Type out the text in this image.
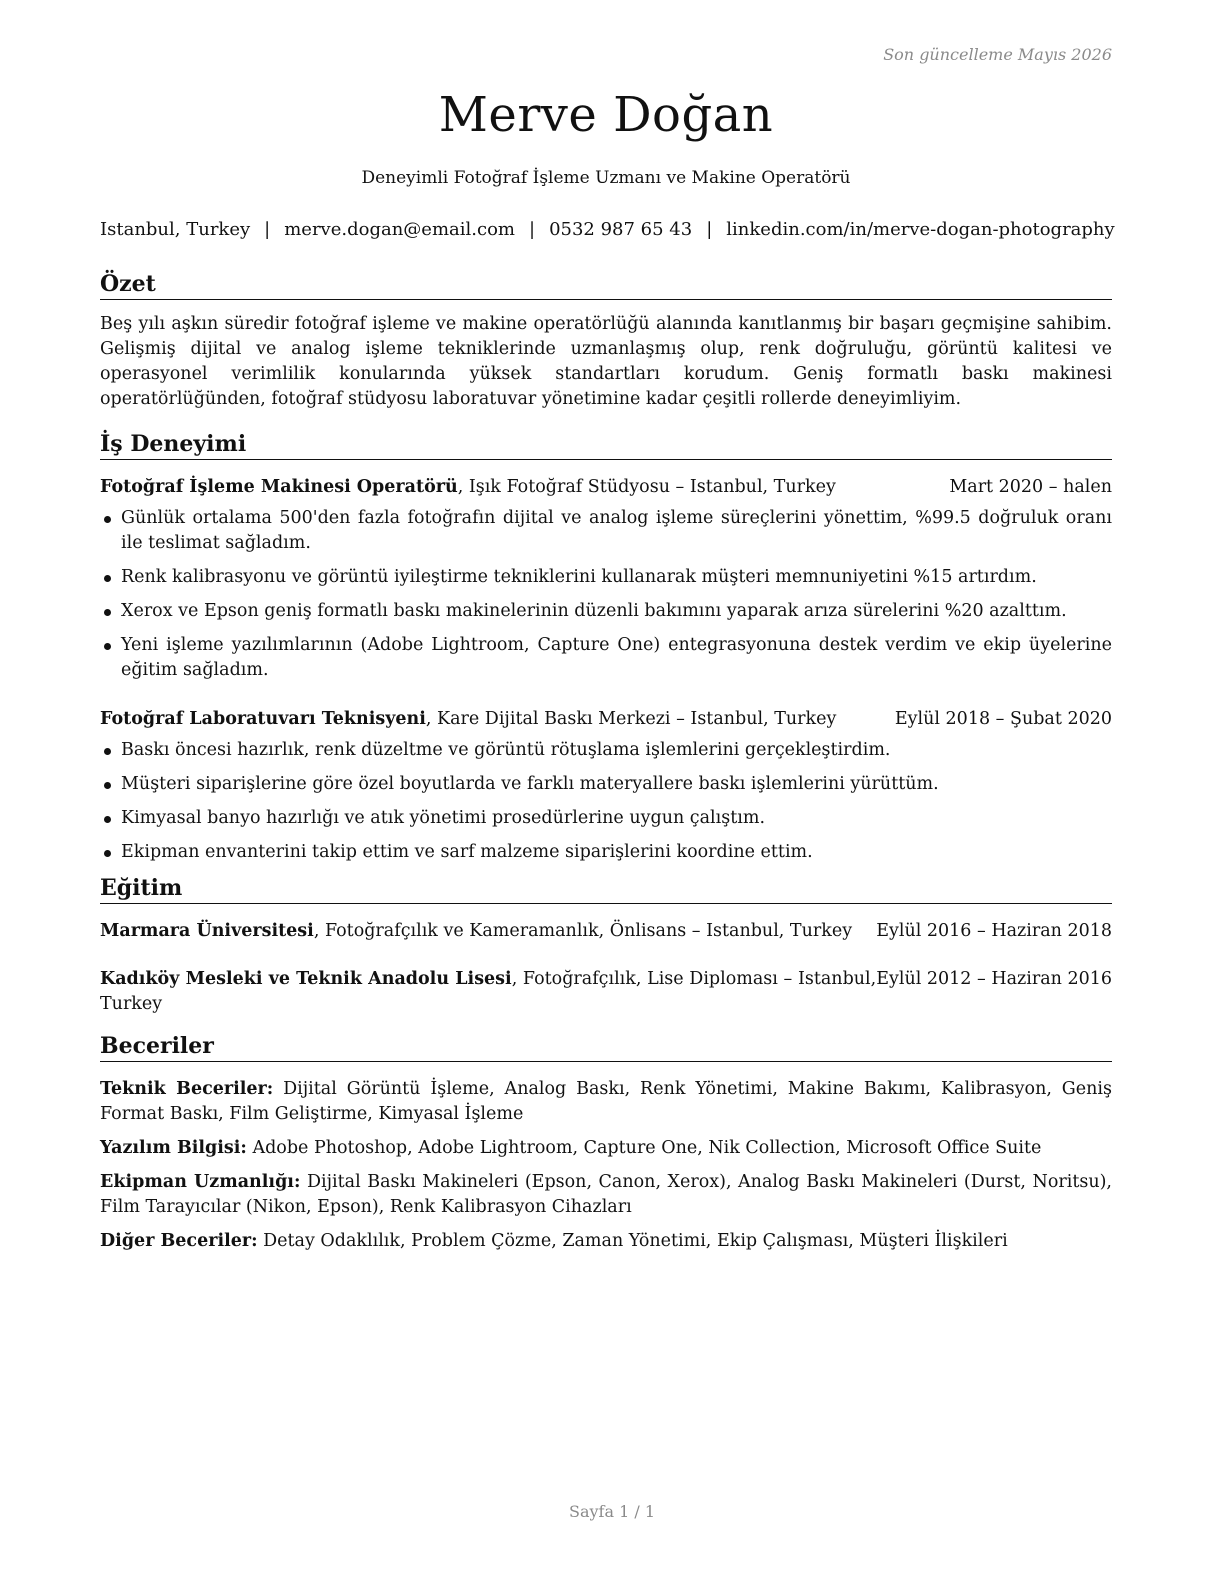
Son güncelleme Mayıs 2026
Merve Doğan
Deneyimli Fotoğraf İşleme Uzmanı ve Makine Operatörü
Istanbul, Turkey | merve.dogan@email.com | 0532 987 65 43 | linkedin.com/in/merve-dogan-photography
Özet

Beş yılı aşkın süredir fotoğraf işleme ve makine operatörlüğü alanında kanıtlanmış bir başarı geçmişine sahibim. Gelişmiş dijital ve analog işleme tekniklerinde uzmanlaşmış olup, renk doğruluğu, görüntü kalitesi ve operasyonel verimlilik konularında yüksek standartları korudum. Geniş formatlı baskı makinesi operatörlüğünden, fotoğraf stüdyosu laboratuvar yönetimine kadar çeşitli rollerde deneyimliyim.

İş Deneyimi
Fotoğraf İşleme Makinesi Operatörü, Işık Fotoğraf Stüdyosu – Istanbul, Turkey	Mart 2020 – halen
Günlük ortalama 500'den fazla fotoğrafın dijital ve analog işleme süreçlerini yönettim, %99.5 doğruluk oranı ile teslimat sağladım.
Renk kalibrasyonu ve görüntü iyileştirme tekniklerini kullanarak müşteri memnuniyetini %15 artırdım.
Xerox ve Epson geniş formatlı baskı makinelerinin düzenli bakımını yaparak arıza sürelerini %20 azalttım.
Yeni işleme yazılımlarının (Adobe Lightroom, Capture One) entegrasyonuna destek verdim ve ekip üyelerine eğitim sağladım.
Fotoğraf Laboratuvarı Teknisyeni, Kare Dijital Baskı Merkezi – Istanbul, Turkey	Eylül 2018 – Şubat 2020
Baskı öncesi hazırlık, renk düzeltme ve görüntü rötuşlama işlemlerini gerçekleştirdim.
Müşteri siparişlerine göre özel boyutlarda ve farklı materyallere baskı işlemlerini yürüttüm.
Kimyasal banyo hazırlığı ve atık yönetimi prosedürlerine uygun çalıştım.
Ekipman envanterini takip ettim ve sarf malzeme siparişlerini koordine ettim.
Eğitim
Marmara Üniversitesi, Fotoğrafçılık ve Kameramanlık, Önlisans – Istanbul, Turkey Eylül 2016 – Haziran 2018
Kadıköy Mesleki ve Teknik Anadolu Lisesi, Fotoğrafçılık, Lise Diploması – Istanbul, Turkey
Eylül 2012 – Haziran 2016
Beceriler
Teknik Beceriler: Dijital Görüntü İşleme, Analog Baskı, Renk Yönetimi, Makine Bakımı, Kalibrasyon, Geniş Format Baskı, Film Geliştirme, Kimyasal İşleme
Yazılım Bilgisi: Adobe Photoshop, Adobe Lightroom, Capture One, Nik Collection, Microsoft Office Suite
Ekipman Uzmanlığı: Dijital Baskı Makineleri (Epson, Canon, Xerox), Analog Baskı Makineleri (Durst, Noritsu), Film Tarayıcılar (Nikon, Epson), Renk Kalibrasyon Cihazları
Diğer Beceriler: Detay Odaklılık, Problem Çözme, Zaman Yönetimi, Ekip Çalışması, Müşteri İlişkileri
Sayfa 1 / 1
